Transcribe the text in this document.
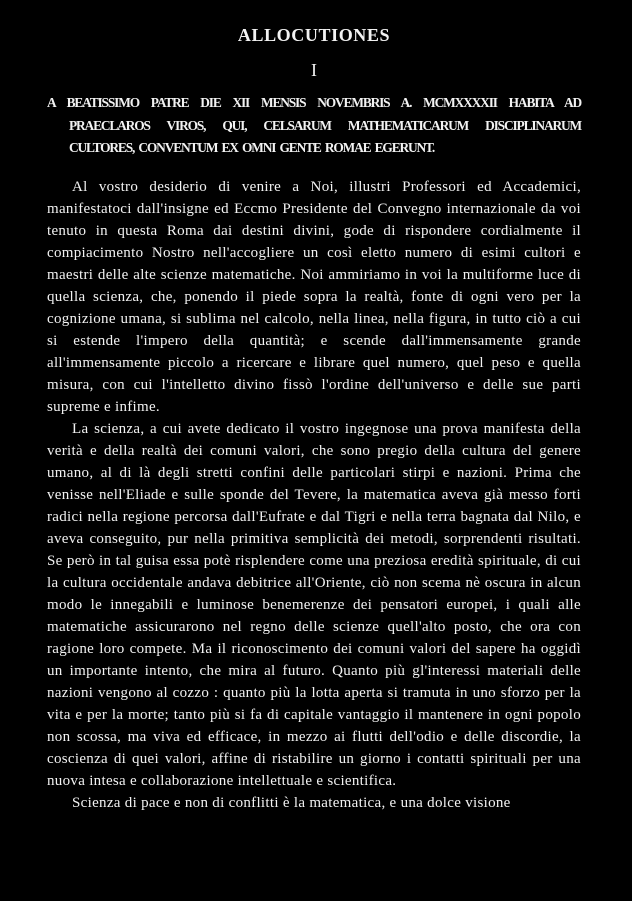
ALLOCUTIONES
I

A BEATISSIMO PATRE DIE XII MENSIS NOVEMBRIS A. MCMXXXXII HABITA AD PRAECLAROS VIROS, QUI, CELSARUM MATHEMATICARUM DISCIPLINARUM CULTORES, CONVENTUM EX OMNI GENTE ROMAE EGERUNT.

Al vostro desiderio di venire a Noi, illustri Professori ed Accademici, manifestatoci dall'insigne ed Eccmo Presidente del Convegno internazionale da voi tenuto in questa Roma dai destini divini, gode di rispondere cordialmente il compiacimento Nostro nell'accogliere un così eletto numero di esimi cultori e maestri delle alte scienze matematiche. Noi ammiriamo in voi la multiforme luce di quella scienza, che, ponendo il piede sopra la realtà, fonte di ogni vero per la cognizione umana, si sublima nel calcolo, nella linea, nella figura, in tutto ciò a cui si estende l'impero della quantità; e scende dall'immensamente grande all'immensamente piccolo a ricercare e librare quel numero, quel peso e quella misura, con cui l'intelletto divino fissò l'ordine dell'universo e delle sue parti supreme e infime.

La scienza, a cui avete dedicato il vostro ingegnose una prova manifesta della verità e della realtà dei comuni valori, che sono pregio della cultura del genere umano, al di là degli stretti confini delle particolari stirpi e nazioni. Prima che venisse nell'Eliade e sulle sponde del Tevere, la matematica aveva già messo forti radici nella regione percorsa dall'Eufrate e dal Tigri e nella terra bagnata dal Nilo, e aveva conseguito, pur nella primitiva semplicità dei metodi, sorprendenti risultati. Se però in tal guisa essa potè risplendere come una preziosa eredità spirituale, di cui la cultura occidentale andava debitrice all'Oriente, ciò non scema nè oscura in alcun modo le innegabili e luminose benemerenze dei pensatori europei, i quali alle matematiche assicurarono nel regno delle scienze quell'alto posto, che ora con ragione loro compete. Ma il riconoscimento dei comuni valori del sapere ha oggidì un importante intento, che mira al futuro. Quanto più gl'interessi materiali delle nazioni vengono al cozzo : quanto più la lotta aperta si tramuta in uno sforzo per la vita e per la morte; tanto più si fa di capitale vantaggio il mantenere in ogni popolo non scossa, ma viva ed efficace, in mezzo ai flutti dell'odio e delle discordie, la coscienza di quei valori, affine di ristabilire un giorno i contatti spirituali per una nuova intesa e collaborazione intellettuale e scientifica.

Scienza di pace e non di conflitti è la matematica, e una dolce visione
